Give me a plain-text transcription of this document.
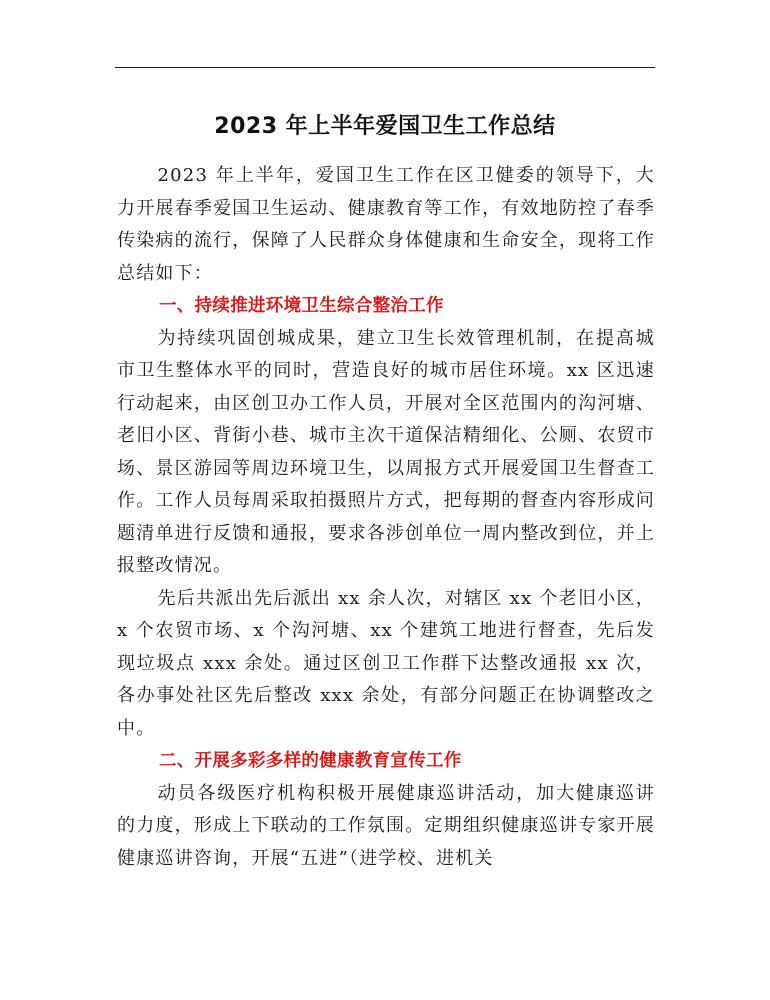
2023 年上半年爱国卫生工作总结

2023 年上半年，爱国卫生工作在区卫健委的领导下，大力开展春季爱国卫生运动、健康教育等工作，有效地防控了春季传染病的流行，保障了人民群众身体健康和生命安全，现将工作总结如下：

一、持续推进环境卫生综合整治工作

为持续巩固创城成果，建立卫生长效管理机制，在提高城市卫生整体水平的同时，营造良好的城市居住环境。xx 区迅速行动起来，由区创卫办工作人员，开展对全区范围内的沟河塘、老旧小区、背街小巷、城市主次干道保洁精细化、公厕、农贸市场、景区游园等周边环境卫生，以周报方式开展爱国卫生督查工作。工作人员每周采取拍摄照片方式，把每期的督查内容形成问题清单进行反馈和通报，要求各涉创单位一周内整改到位，并上报整改情况。

先后共派出先后派出 xx 余人次，对辖区 xx 个老旧小区，x 个农贸市场、x 个沟河塘、xx 个建筑工地进行督查，先后发现垃圾点 xxx 余处。通过区创卫工作群下达整改通报 xx 次，各办事处社区先后整改 xxx 余处，有部分问题正在协调整改之中。

二、开展多彩多样的健康教育宣传工作

动员各级医疗机构积极开展健康巡讲活动，加大健康巡讲的力度，形成上下联动的工作氛围。定期组织健康巡讲专家开展健康巡讲咨询，开展“五进”（进学校、进机关
